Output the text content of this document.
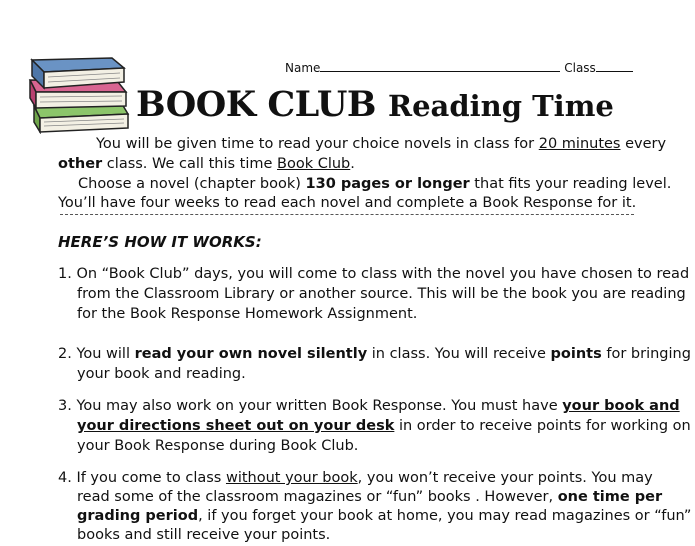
Name	Class
BOOK CLUB Reading Time
You will be given time to read your choice novels in class for 20 minutes every
other class. We call this time Book Club.
Choose a novel (chapter book) 130 pages or longer that fits your reading level.
You’ll have four weeks to read each novel and complete a Book Response for it.
HERE’S HOW IT WORKS:
1. On “Book Club” days, you will come to class with the novel you have chosen to read
from the Classroom Library or another source. This will be the book you are reading
for the Book Response Homework Assignment.
2. You will read your own novel silently in class. You will receive points for bringing
your book and reading.
3. You may also work on your written Book Response. You must have your book and
your directions sheet out on your desk in order to receive points for working on
your Book Response during Book Club.
4. If you come to class without your book, you won’t receive your points. You may
read some of the classroom magazines or “fun” books . However, one time per
grading period, if you forget your book at home, you may read magazines or “fun”
books and still receive your points.
